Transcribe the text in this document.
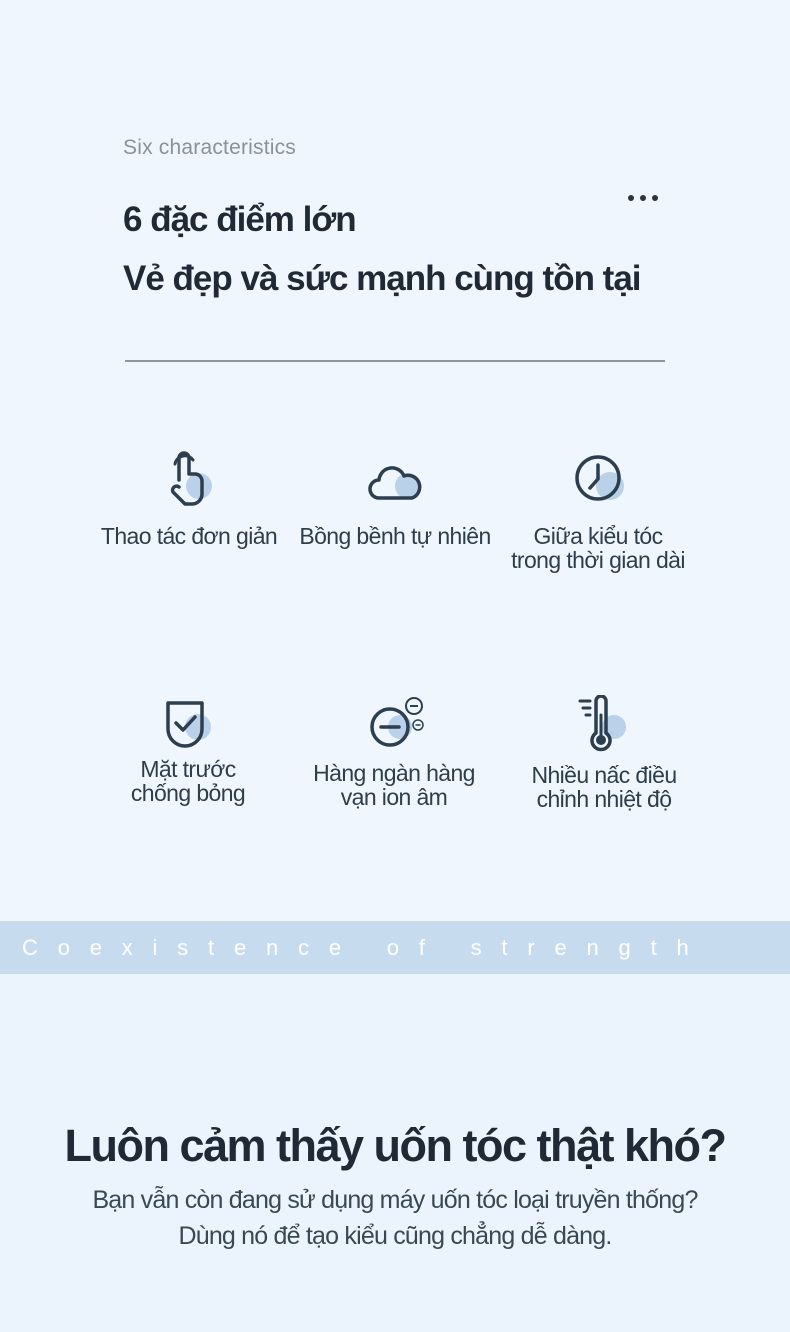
Six characteristics
6 đặc điểm lớn
Vẻ đẹp và sức mạnh cùng tồn tại
Thao tác đơn giản Bồng bềnh tự nhiên	Giữa kiểu tóc
trong thời gian dài
Mặt trước
chống bỏng
Hàng ngàn hàng
vạn ion âm
Nhiều nấc điều
chỉnh nhiệt độ
Coexistence of strength
Luôn cảm thấy uốn tóc thật khó?
Bạn vẫn còn đang sử dụng máy uốn tóc loại truyền thống?
Dùng nó để tạo kiểu cũng chẳng dễ dàng.
